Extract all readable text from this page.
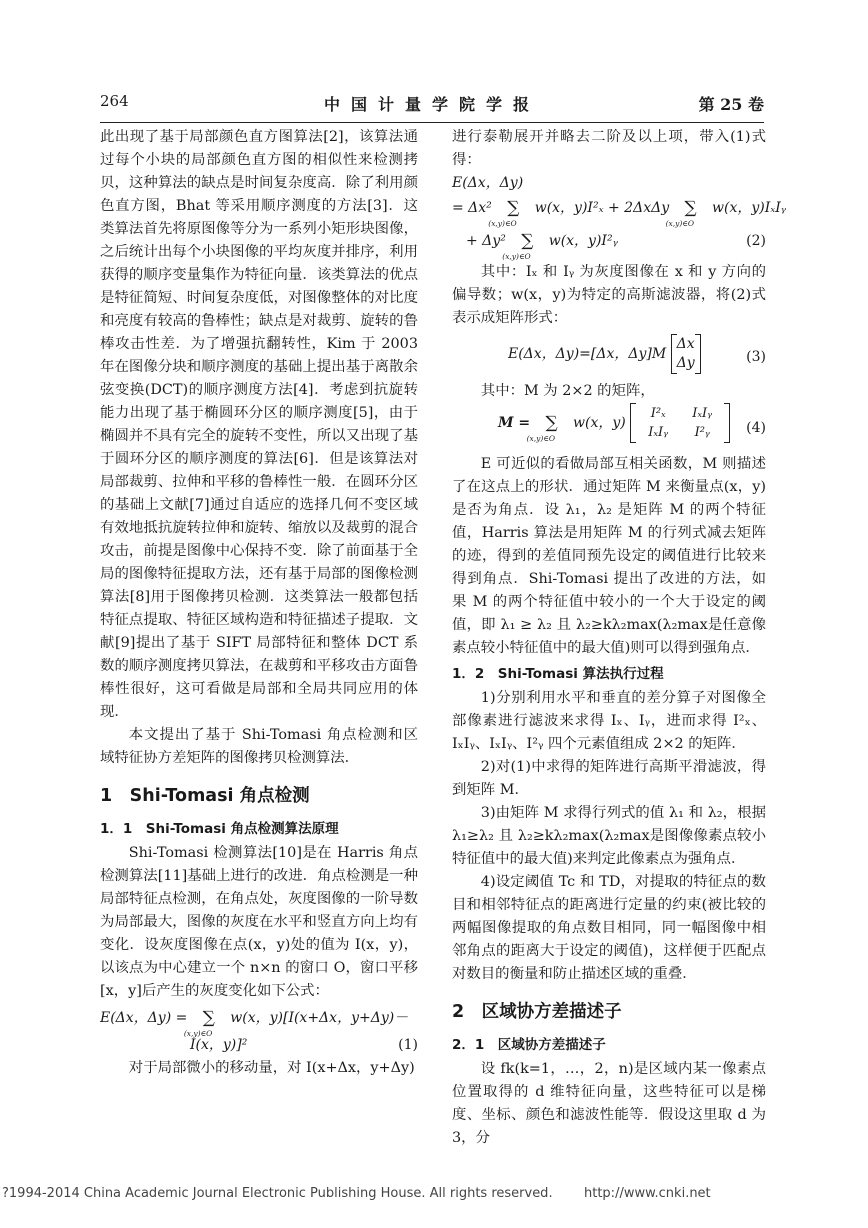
264	中国计量学院学报	第 25 卷

此出现了基于局部颜色直方图算法[2]，该算法通过每个小块的局部颜色直方图的相似性来检测拷贝，这种算法的缺点是时间复杂度高．除了利用颜色直方图，Bhat 等采用顺序测度的方法[3]．这类算法首先将原图像等分为一系列小矩形块图像，之后统计出每个小块图像的平均灰度并排序，利用获得的顺序变量集作为特征向量．该类算法的优点是特征简短、时间复杂度低，对图像整体的对比度和亮度有较高的鲁棒性；缺点是对裁剪、旋转的鲁棒攻击性差．为了增强抗翻转性，Kim 于 2003 年在图像分块和顺序测度的基础上提出基于离散余弦变换(DCT)的顺序测度方法[4]．考虑到抗旋转能力出现了基于椭圆环分区的顺序测度[5]，由于椭圆并不具有完全的旋转不变性，所以又出现了基于圆环分区的顺序测度的算法[6]．但是该算法对局部裁剪、拉伸和平移的鲁棒性一般．在圆环分区的基础上文献[7]通过自适应的选择几何不变区域有效地抵抗旋转拉伸和旋转、缩放以及裁剪的混合攻击，前提是图像中心保持不变．除了前面基于全局的图像特征提取方法，还有基于局部的图像检测算法[8]用于图像拷贝检测．这类算法一般都包括特征点提取、特征区域构造和特征描述子提取．文献[9]提出了基于 SIFT 局部特征和整体 DCT 系数的顺序测度拷贝算法，在裁剪和平移攻击方面鲁棒性很好，这可看做是局部和全局共同应用的体现．

本文提出了基于 Shi-Tomasi 角点检测和区域特征协方差矩阵的图像拷贝检测算法．

1　Shi-Tomasi 角点检测
1．1　Shi-Tomasi 角点检测算法原理

Shi-Tomasi 检测算法[10]是在 Harris 角点检测算法[11]基础上进行的改进．角点检测是一种局部特征点检测，在角点处，灰度图像的一阶导数为局部最大，图像的灰度在水平和竖直方向上均有变化．设灰度图像在点(x，y)处的值为 I(x，y)，以该点为中心建立一个 n×n 的窗口 O，窗口平移[x，y]后产生的灰度变化如下公式：

E(Δx，Δy) = ∑
(x,y)∈O
w(x，y)[I(x+Δx，y+Δy)－
I(x，y)]²	(1)

对于局部微小的移动量，对 I(x+Δx，y+Δy)

进行泰勒展开并略去二阶及以上项，带入(1)式得：

E(Δx，Δy)
= Δx² ∑
(x,y)∈O
w(x，y)I²ₓ + 2ΔxΔy ∑
(x,y)∈O
w(x，y)IₓIᵧ
+ Δy² ∑
(x,y)∈O
w(x，y)I²ᵧ	(2)

其中：Iₓ 和 Iᵧ 为灰度图像在 x 和 y 方向的偏导数；w(x，y)为特定的高斯滤波器，将(2)式表示成矩阵形式：

E(Δx，Δy)=[Δx，Δy]M Δx
Δy	(3)

其中：M 为 2×2 的矩阵，

M = ∑
(x,y)∈O
w(x，y)
I²ₓ	IₓIᵧ
IₓIᵧ	I²ᵧ	(4)

E 可近似的看做局部互相关函数，M 则描述了在这点上的形状．通过矩阵 M 来衡量点(x，y)是否为角点．设 λ₁，λ₂ 是矩阵 M 的两个特征值，Harris 算法是用矩阵 M 的行列式减去矩阵的迹，得到的差值同预先设定的阈值进行比较来得到角点．Shi-Tomasi 提出了改进的方法，如果 M 的两个特征值中较小的一个大于设定的阈值，即 λ₁ ≥ λ₂ 且 λ₂≥kλ₂max(λ₂max是任意像素点较小特征值中的最大值)则可以得到强角点．

1．2　Shi-Tomasi 算法执行过程

1)分别利用水平和垂直的差分算子对图像全部像素进行滤波来求得 Iₓ、Iᵧ，进而求得 I²ₓ、IₓIᵧ、IₓIᵧ、I²ᵧ 四个元素值组成 2×2 的矩阵．

2)对(1)中求得的矩阵进行高斯平滑滤波，得到矩阵 M．

3)由矩阵 M 求得行列式的值 λ₁ 和 λ₂，根据 λ₁≥λ₂ 且 λ₂≥kλ₂max(λ₂max是图像像素点较小特征值中的最大值)来判定此像素点为强角点．

4)设定阈值 Tc 和 TD，对提取的特征点的数目和相邻特征点的距离进行定量的约束(被比较的两幅图像提取的角点数目相同，同一幅图像中相邻角点的距离大于设定的阈值)，这样便于匹配点对数目的衡量和防止描述区域的重叠．

2　区域协方差描述子
2．1　区域协方差描述子

设 fk(k=1，…，2，n)是区域内某一像素点位置取得的 d 维特征向量，这些特征可以是梯度、坐标、颜色和滤波性能等．假设这里取 d 为 3，分

?1994-2014 China Academic Journal Electronic Publishing House. All rights reserved. http://www.cnki.net
